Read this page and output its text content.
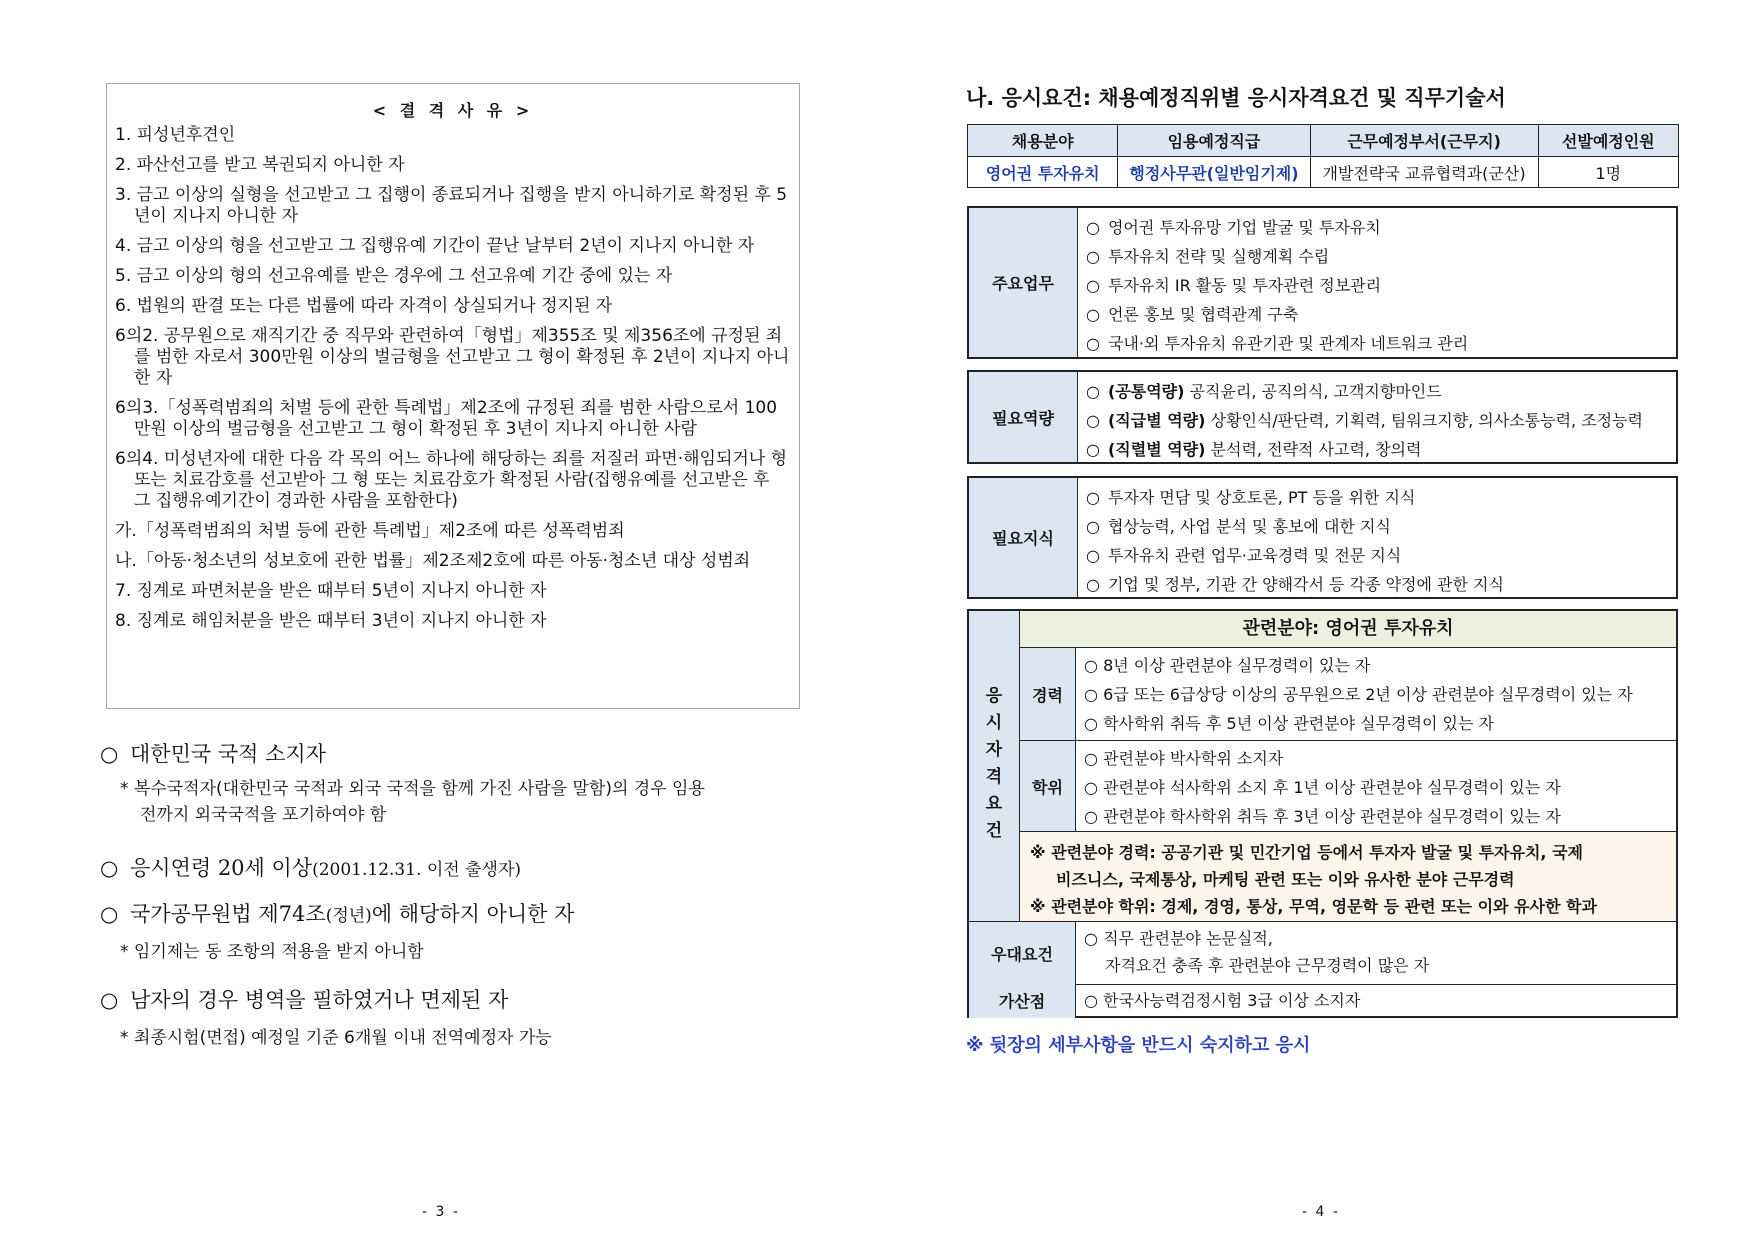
< 결 격 사 유 >
1. 피성년후견인
2. 파산선고를 받고 복권되지 아니한 자
3. 금고 이상의 실형을 선고받고 그 집행이 종료되거나 집행을 받지 아니하기로 확정된 후 5년이 지나지 아니한 자
4. 금고 이상의 형을 선고받고 그 집행유예 기간이 끝난 날부터 2년이 지나지 아니한 자
5. 금고 이상의 형의 선고유예를 받은 경우에 그 선고유예 기간 중에 있는 자
6. 법원의 판결 또는 다른 법률에 따라 자격이 상실되거나 정지된 자
6의2. 공무원으로 재직기간 중 직무와 관련하여「형법」제355조 및 제356조에 규정된 죄를 범한 자로서 300만원 이상의 벌금형을 선고받고 그 형이 확정된 후 2년이 지나지 아니한 자
6의3.「성폭력범죄의 처벌 등에 관한 특례법」제2조에 규정된 죄를 범한 사람으로서 100만원 이상의 벌금형을 선고받고 그 형이 확정된 후 3년이 지나지 아니한 사람
6의4. 미성년자에 대한 다음 각 목의 어느 하나에 해당하는 죄를 저질러 파면·해임되거나 형 또는 치료감호를 선고받아 그 형 또는 치료감호가 확정된 사람(집행유예를 선고받은 후 그 집행유예기간이 경과한 사람을 포함한다)
가.「성폭력범죄의 처벌 등에 관한 특례법」제2조에 따른 성폭력범죄
나.「아동·청소년의 성보호에 관한 법률」제2조제2호에 따른 아동·청소년 대상 성범죄
7. 징계로 파면처분을 받은 때부터 5년이 지나지 아니한 자
8. 징계로 해임처분을 받은 때부터 3년이 지나지 아니한 자
○ 대한민국 국적 소지자
* 복수국적자(대한민국 국적과 외국 국적을 함께 가진 사람을 말함)의 경우 임용
전까지 외국국적을 포기하여야 함
○ 응시연령 20세 이상(2001.12.31. 이전 출생자)
○ 국가공무원법 제74조(정년)에 해당하지 아니한 자
* 임기제는 동 조항의 적용을 받지 아니함
○ 남자의 경우 병역을 필하였거나 면제된 자
* 최종시험(면접) 예정일 기준 6개월 이내 전역예정자 가능
- 3 -
나. 응시요건: 채용예정직위별 응시자격요건 및 직무기술서
채용분야	임용예정직급	근무예정부서(근무지)	선발예정인원
영어권 투자유치	행정사무관(일반임기제)	개발전략국 교류협력과(군산)	1명
주요업무
○ 영어권 투자유망 기업 발굴 및 투자유치
○ 투자유치 전략 및 실행계획 수립
○ 투자유치 IR 활동 및 투자관련 정보관리
○ 언론 홍보 및 협력관계 구축
○ 국내·외 투자유치 유관기관 및 관계자 네트워크 관리
필요역량
○ (공통역량) 공직윤리, 공직의식, 고객지향마인드
○ (직급별 역량) 상황인식/판단력, 기획력, 팀워크지향, 의사소통능력, 조정능력
○ (직렬별 역량) 분석력, 전략적 사고력, 창의력
필요지식
○ 투자자 면담 및 상호토론, PT 등을 위한 지식
○ 협상능력, 사업 분석 및 홍보에 대한 지식
○ 투자유치 관련 업무·교육경력 및 전문 지식
○ 기업 및 정부, 기관 간 양해각서 등 각종 약정에 관한 지식
응
시
자
격
요
건
관련분야: 영어권 투자유치
경력
○ 8년 이상 관련분야 실무경력이 있는 자
○ 6급 또는 6급상당 이상의 공무원으로 2년 이상 관련분야 실무경력이 있는 자
○ 학사학위 취득 후 5년 이상 관련분야 실무경력이 있는 자
학위
○ 관련분야 박사학위 소지자
○ 관련분야 석사학위 소지 후 1년 이상 관련분야 실무경력이 있는 자
○ 관련분야 학사학위 취득 후 3년 이상 관련분야 실무경력이 있는 자
※ 관련분야 경력: 공공기관 및 민간기업 등에서 투자자 발굴 및 투자유치, 국제
비즈니스, 국제통상, 마케팅 관련 또는 이와 유사한 분야 근무경력
※ 관련분야 학위: 경제, 경영, 통상, 무역, 영문학 등 관련 또는 이와 유사한 학과
우대요건
○ 직무 관련분야 논문실적,
자격요건 충족 후 관련분야 근무경력이 많은 자
가산점	○ 한국사능력검정시험 3급 이상 소지자
※ 뒷장의 세부사항을 반드시 숙지하고 응시
- 4 -
